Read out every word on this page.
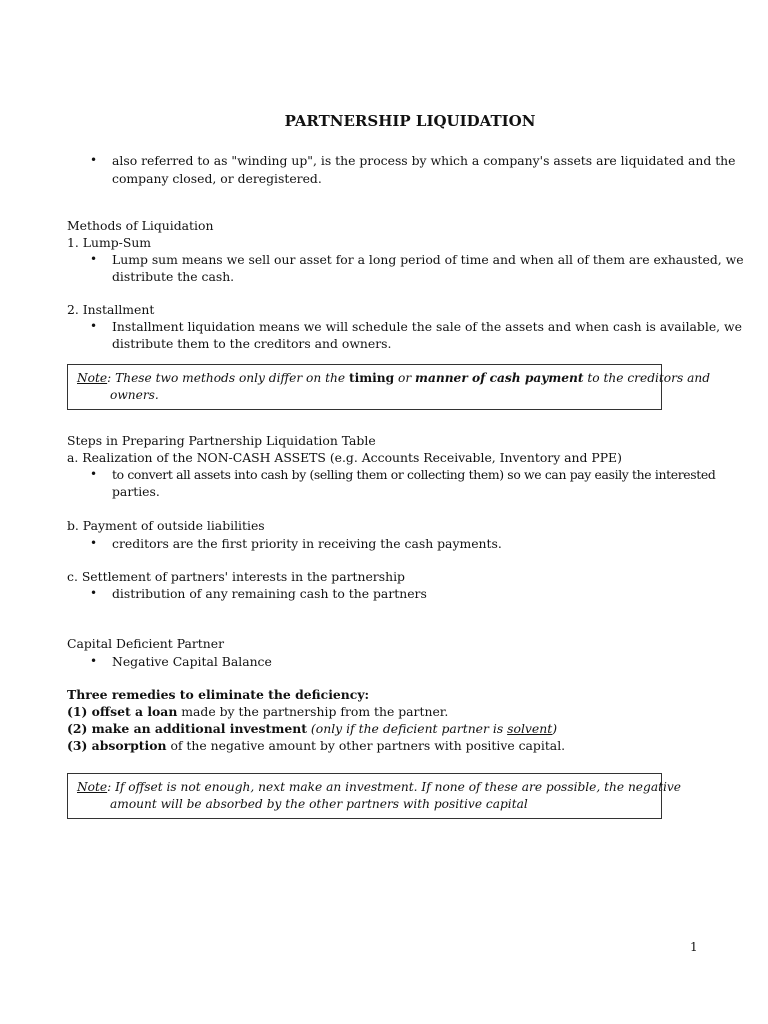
PARTNERSHIP LIQUIDATION
• also referred to as "winding up", is the process by which a company's assets are liquidated and the
company closed, or deregistered.
Methods of Liquidation
1. Lump-Sum
• Lump sum means we sell our asset for a long period of time and when all of them are exhausted, we
distribute the cash.
2. Installment
• Installment liquidation means we will schedule the sale of the assets and when cash is available, we
distribute them to the creditors and owners.
Note: These two methods only differ on the timing or manner of cash payment to the creditors and
owners.
Steps in Preparing Partnership Liquidation Table
a. Realization of the NON-CASH ASSETS (e.g. Accounts Receivable, Inventory and PPE)
• to convert all assets into cash by (selling them or collecting them) so we can pay easily the interested
parties.
b. Payment of outside liabilities
• creditors are the first priority in receiving the cash payments.
c. Settlement of partners' interests in the partnership
• distribution of any remaining cash to the partners
Capital Deficient Partner
• Negative Capital Balance
Three remedies to eliminate the deficiency:
(1) offset a loan made by the partnership from the partner.
(2) make an additional investment (only if the deficient partner is solvent)
(3) absorption of the negative amount by other partners with positive capital.
Note: If offset is not enough, next make an investment. If none of these are possible, the negative
amount will be absorbed by the other partners with positive capital
1
